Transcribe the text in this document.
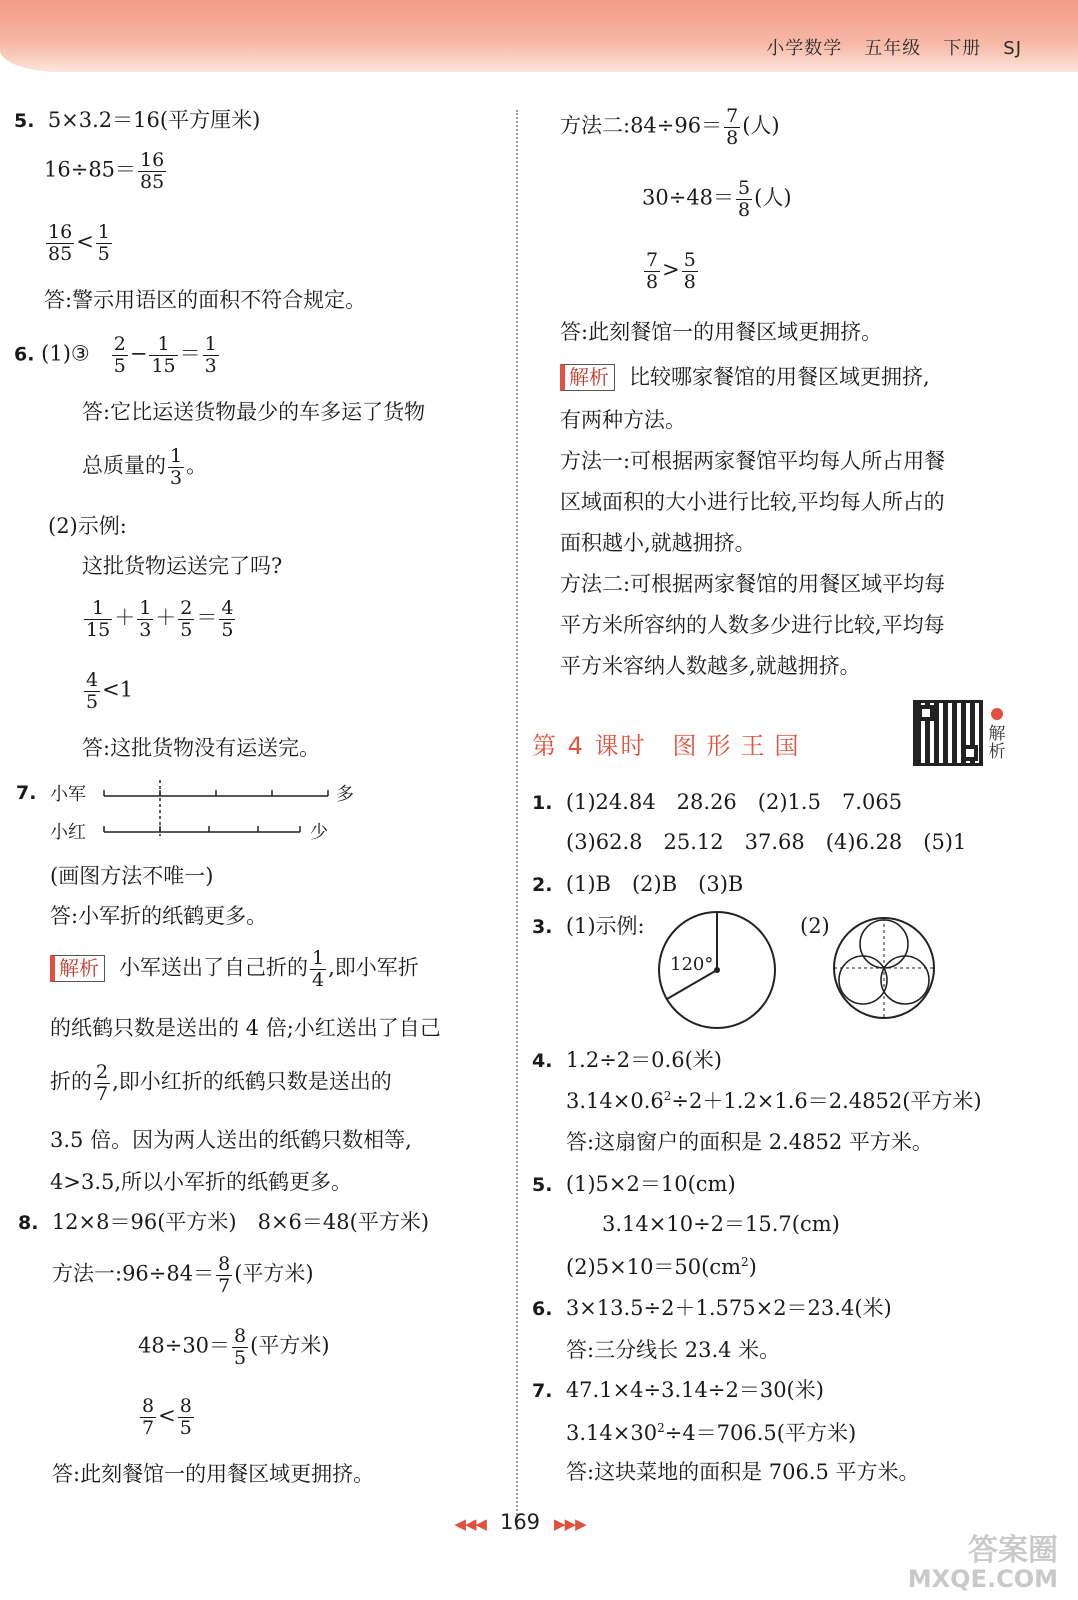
小学数学 五年级 下册 SJ
5. 5×3.2＝16(平方厘米)
$16\div 85= \frac{16}{85}$
$\frac{16}{85} < \frac{1}{5}$
答:警示用语区的面积不符合规定。
6. (1)③ $\frac{2}{5} - \frac{1}{15} = \frac{1}{3}$
答:它比运送货物最少的车多运了货物
总质量的 $\frac{1}{3}$ 。
(2)示例:
这批货物运送完了吗?
$\frac{1}{15} + \frac{1}{3} + \frac{2}{5} = \frac{4}{5}$
$\frac{4}{5} <1$
答:这批货物没有运送完。
7. 小军	多
小红	少
(画图方法不唯一)
答:小军折的纸鹤更多。
解析 小军送出了自己折的 $\frac{1}{4}$ ,即小军折
的纸鹤只数是送出的 4 倍;小红送出了自己
折的 $\frac{2}{7}$ ,即小红折的纸鹤只数是送出的
3.5 倍。因为两人送出的纸鹤只数相等,
4>3.5,所以小军折的纸鹤更多。
8. 12×8＝96(平方米)　8×6＝48(平方米)
方法一:96÷84＝ $\frac{8}{7}$ (平方米)
$48\div 30= \frac{8}{5}$ (平方米)
$\frac{8}{7} < \frac{8}{5}$
答:此刻餐馆一的用餐区域更拥挤。
方法二:84÷96＝ $\frac{7}{8}$ (人)
$30\div 48= \frac{5}{8}$ (人)
$\frac{7}{8} > \frac{5}{8}$
答:此刻餐馆一的用餐区域更拥挤。
解析 比较哪家餐馆的用餐区域更拥挤,
有两种方法。
方法一:可根据两家餐馆平均每人所占用餐
区域面积的大小进行比较,平均每人所占的
面积越小,就越拥挤。
方法二:可根据两家餐馆的用餐区域平均每
平方米所容纳的人数多少进行比较,平均每
平方米容纳人数越多,就越拥挤。
第 4 课时 图形王国	解析
1. (1)24.84　28.26　(2)1.5　7.065
(3)62.8　25.12　37.68　(4)6.28　(5)1
2. (1)B　(2)B　(3)B
3. (1)示例:	(2)
120°
4. 1.2÷2＝0.6(米)
$3.14\times 0.6^2\div 2+1.2\times 1.6=2.4852$(平方米)
答:这扇窗户的面积是 2.4852 平方米。
5. (1)5×2＝10(cm)
3.14×10÷2＝15.7(cm)
$(2)5\times 10=50(cm^2)$
6. 3×13.5÷2＋1.575×2＝23.4(米)
答:三分线长 23.4 米。
7. 47.1×4÷3.14÷2＝30(米)
$3.14\times 30^2\div 4=706.5$(平方米)
答:这块菜地的面积是 706.5 平方米。
◀◀◀ 169 ▶▶▶
答案圈
MXQE.COM
